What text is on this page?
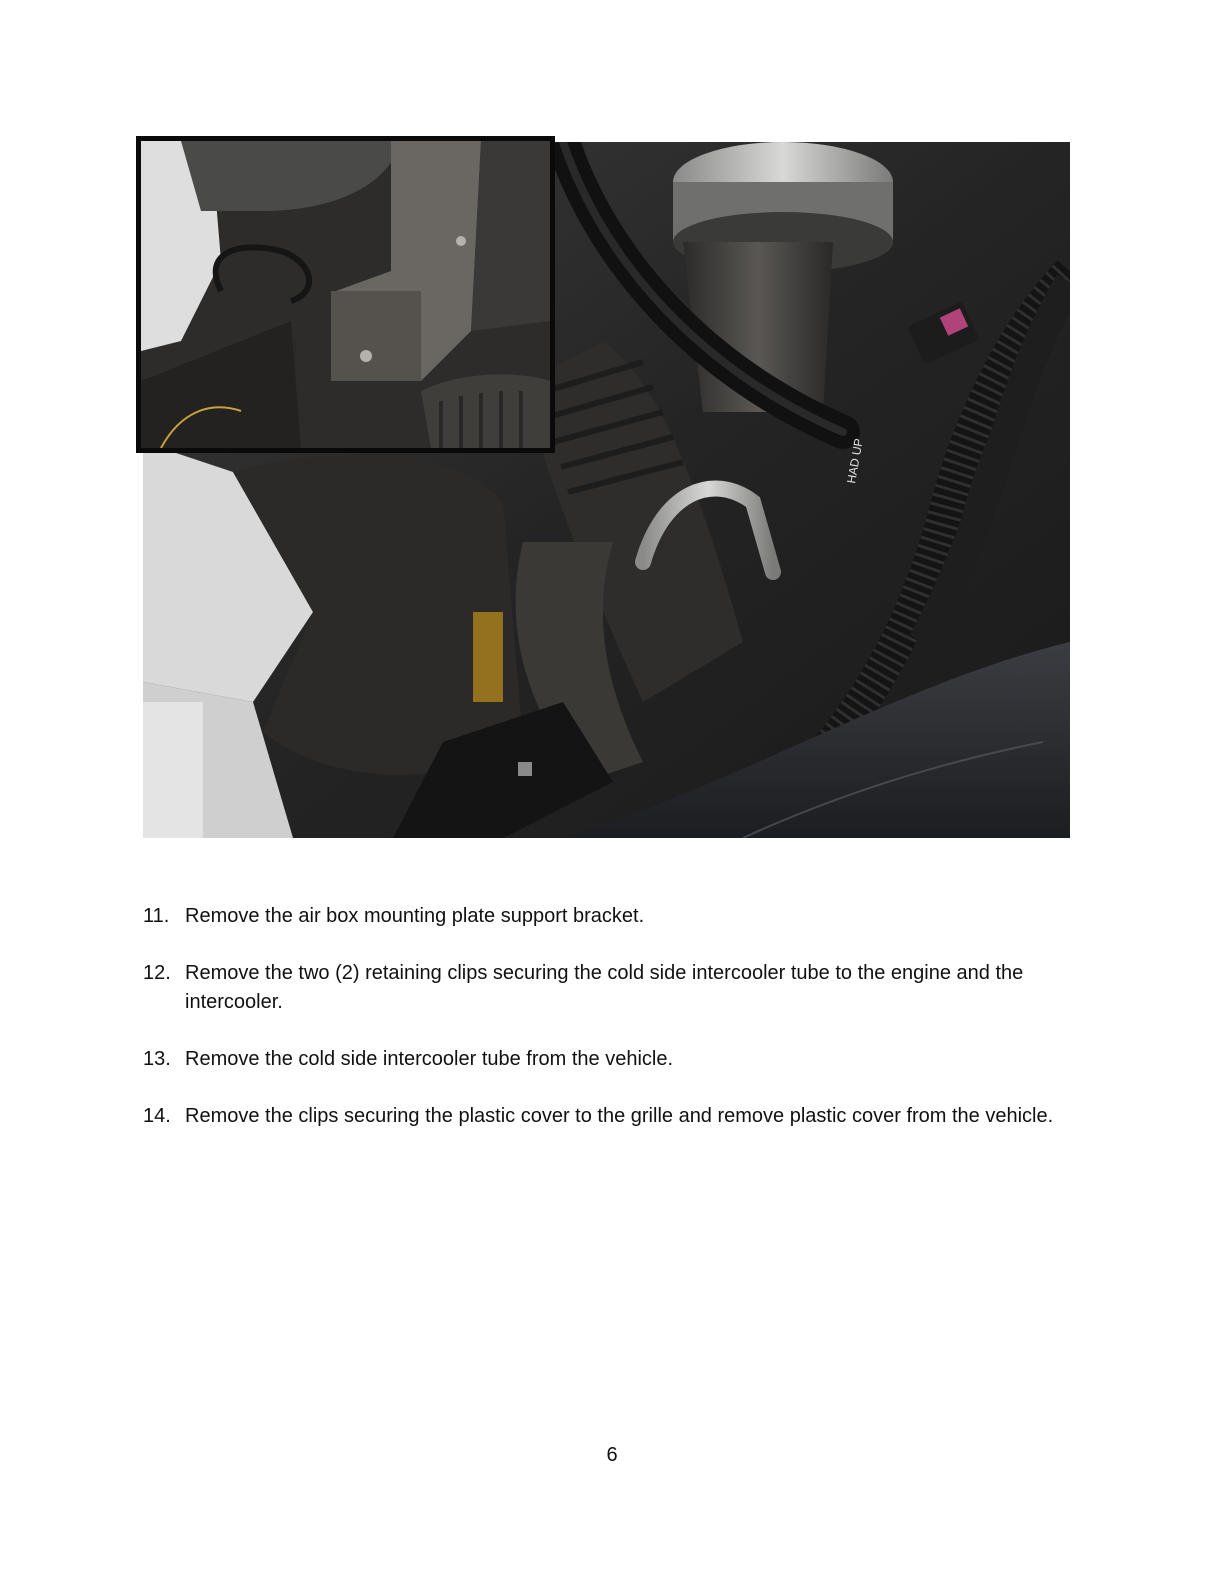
HAD UP
11. Remove the air box mounting plate support bracket.
12. Remove the two (2) retaining clips securing the cold side intercooler tube to the engine and the intercooler.
13. Remove the cold side intercooler tube from the vehicle.
14. Remove the clips securing the plastic cover to the grille and remove plastic cover from the vehicle.
6
